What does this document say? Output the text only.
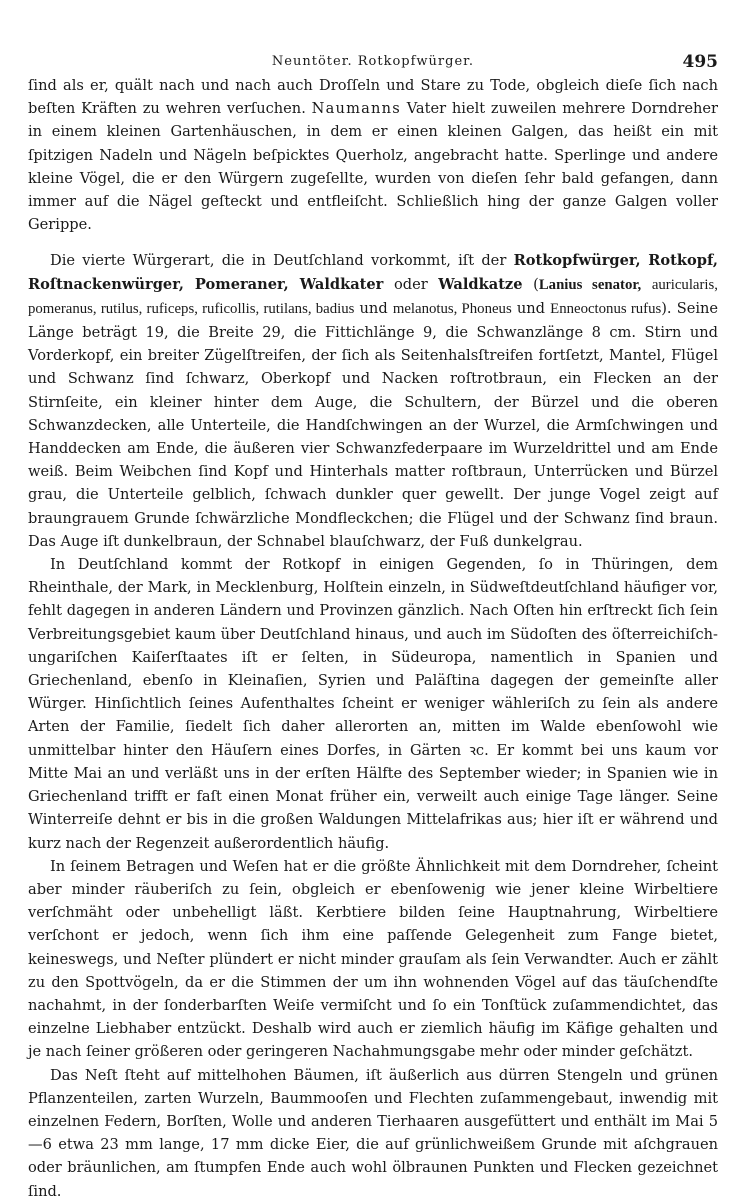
Neuntöter. Rotkopfwürger.	495

ſind als er, quält nach und nach auch Droſſeln und Stare zu Tode, obgleich dieſe ſich nach beſten Kräften zu wehren verſuchen. Naumanns Vater hielt zuweilen mehrere Dorndreher in einem kleinen Gartenhäuschen, in dem er einen kleinen Galgen, das heißt ein mit ſpitzigen Nadeln und Nägeln beſpicktes Querholz, angebracht hatte. Sperlinge und andere kleine Vögel, die er den Würgern zugeſellte, wurden von dieſen ſehr bald gefangen, dann immer auf die Nägel geſteckt und entfleiſcht. Schließlich hing der ganze Galgen voller Gerippe.

Die vierte Würgerart, die in Deutſchland vorkommt, iſt der Rotkopfwürger, Rotkopf, Roſtnackenwürger, Pomeraner, Waldkater oder Waldkatze (Lanius senator, auricularis, pomeranus, rutilus, ruficeps, ruficollis, rutilans, badius und melanotus, Phoneus und Enneoctonus rufus). Seine Länge beträgt 19, die Breite 29, die Fittichlänge 9, die Schwanzlänge 8 cm. Stirn und Vorderkopf, ein breiter Zügelſtreifen, der ſich als Seitenhalsſtreifen fortſetzt, Mantel, Flügel und Schwanz ſind ſchwarz, Oberkopf und Nacken roſtrotbraun, ein Flecken an der Stirnſeite, ein kleiner hinter dem Auge, die Schultern, der Bürzel und die oberen Schwanzdecken, alle Unterteile, die Handſchwingen an der Wurzel, die Armſchwingen und Handdecken am Ende, die äußeren vier Schwanzfederpaare im Wurzeldrittel und am Ende weiß. Beim Weibchen ſind Kopf und Hinterhals matter roſtbraun, Unterrücken und Bürzel grau, die Unterteile gelblich, ſchwach dunkler quer gewellt. Der junge Vogel zeigt auf braungrauem Grunde ſchwärzliche Mondfleckchen; die Flügel und der Schwanz ſind braun. Das Auge iſt dunkelbraun, der Schnabel blauſchwarz, der Fuß dunkelgrau.

In Deutſchland kommt der Rotkopf in einigen Gegenden, ſo in Thüringen, dem Rheinthale, der Mark, in Mecklenburg, Holſtein einzeln, in Südweſtdeutſchland häufiger vor, fehlt dagegen in anderen Ländern und Provinzen gänzlich. Nach Oſten hin erſtreckt ſich ſein Verbreitungsgebiet kaum über Deutſchland hinaus, und auch im Südoſten des öſterreichiſch-ungariſchen Kaiſerſtaates iſt er ſelten, in Südeuropa, namentlich in Spanien und Griechenland, ebenſo in Kleinaſien, Syrien und Paläſtina dagegen der gemeinſte aller Würger. Hinſichtlich ſeines Aufenthaltes ſcheint er weniger wähleriſch zu ſein als andere Arten der Familie, ſiedelt ſich daher allerorten an, mitten im Walde ebenſowohl wie unmittelbar hinter den Häuſern eines Dorfes, in Gärten ꝛc. Er kommt bei uns kaum vor Mitte Mai an und verläßt uns in der erſten Hälfte des September wieder; in Spanien wie in Griechenland trifft er faſt einen Monat früher ein, verweilt auch einige Tage länger. Seine Winterreiſe dehnt er bis in die großen Waldungen Mittelafrikas aus; hier iſt er während und kurz nach der Regenzeit außerordentlich häufig.

In ſeinem Betragen und Weſen hat er die größte Ähnlichkeit mit dem Dorndreher, ſcheint aber minder räuberiſch zu ſein, obgleich er ebenſowenig wie jener kleine Wirbeltiere verſchmäht oder unbehelligt läßt. Kerbtiere bilden ſeine Hauptnahrung, Wirbeltiere verſchont er jedoch, wenn ſich ihm eine paſſende Gelegenheit zum Fange bietet, keineswegs, und Neſter plündert er nicht minder grauſam als ſein Verwandter. Auch er zählt zu den Spottvögeln, da er die Stimmen der um ihn wohnenden Vögel auf das täuſchendſte nachahmt, in der ſonderbarſten Weiſe vermiſcht und ſo ein Tonſtück zuſammendichtet, das einzelne Liebhaber entzückt. Deshalb wird auch er ziemlich häufig im Käfige gehalten und je nach ſeiner größeren oder geringeren Nachahmungsgabe mehr oder minder geſchätzt.

Das Neſt ſteht auf mittelhohen Bäumen, iſt äußerlich aus dürren Stengeln und grünen Pflanzenteilen, zarten Wurzeln, Baummooſen und Flechten zuſammengebaut, inwendig mit einzelnen Federn, Borſten, Wolle und anderen Tierhaaren ausgefüttert und enthält im Mai 5—6 etwa 23 mm lange, 17 mm dicke Eier, die auf grünlichweißem Grunde mit aſchgrauen oder bräunlichen, am ſtumpfen Ende auch wohl ölbraunen Punkten und Flecken gezeichnet ſind.
